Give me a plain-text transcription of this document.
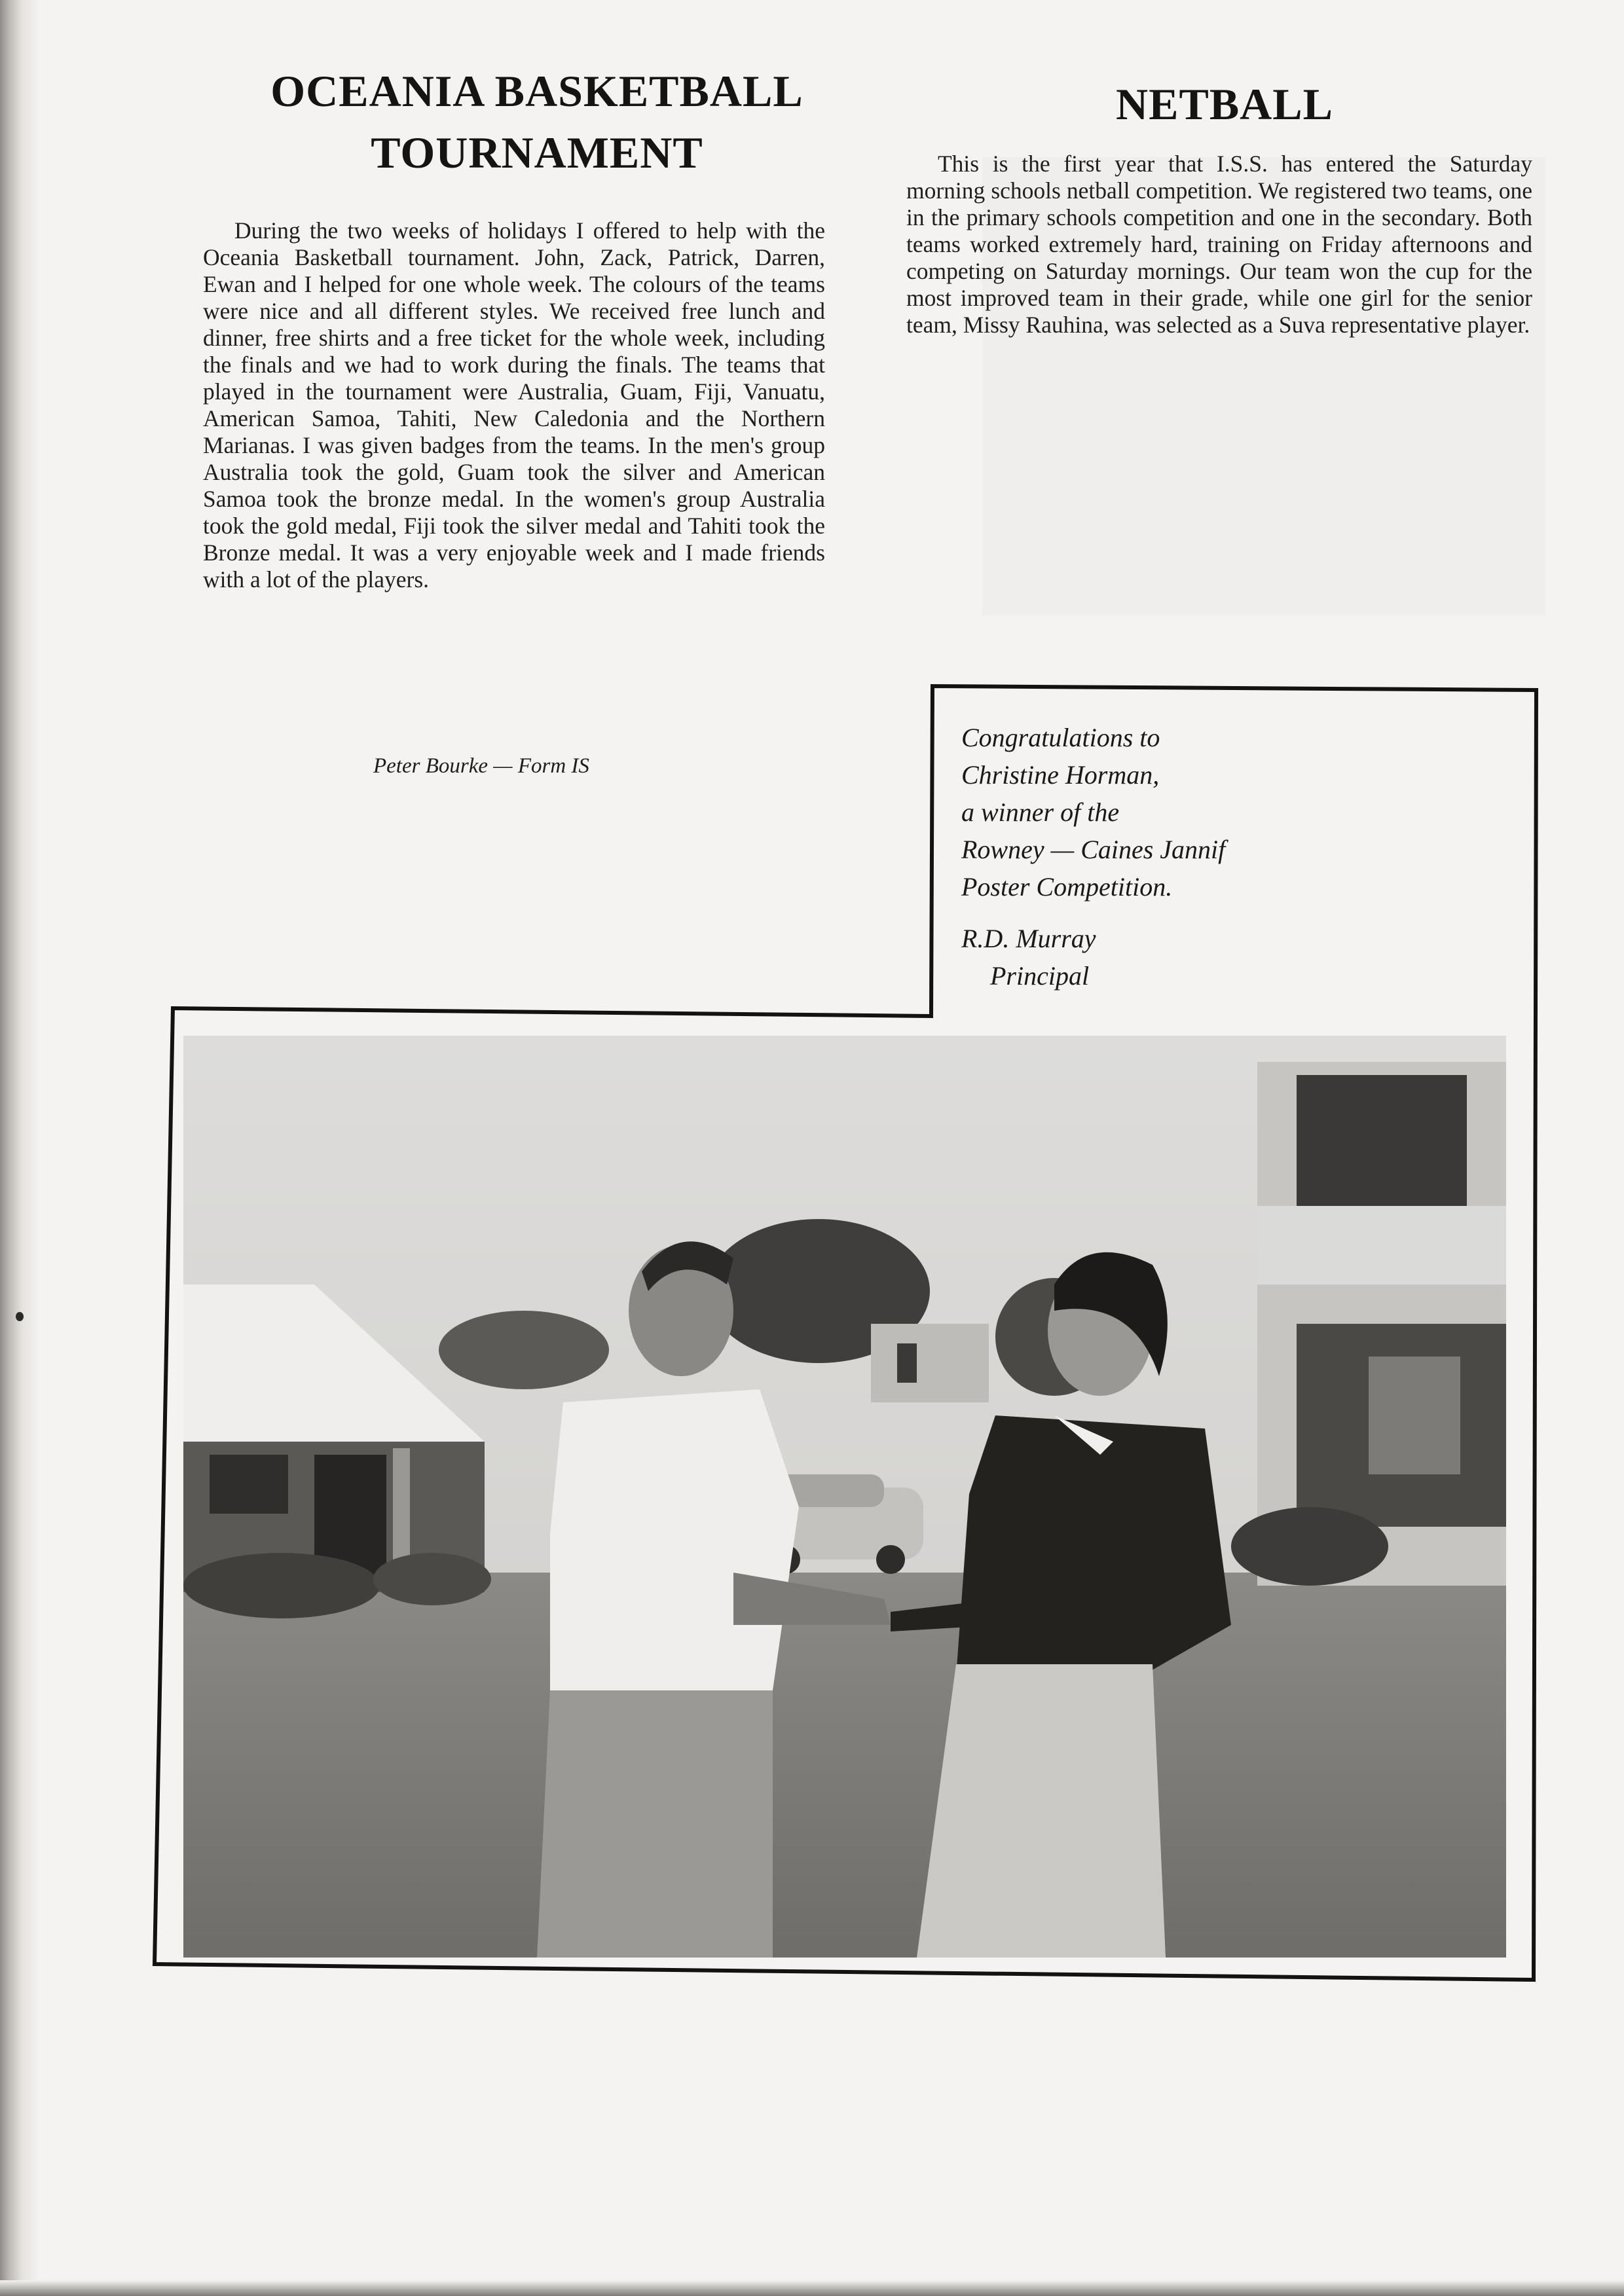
OCEANIA BASKETBALL TOURNAMENT

During the two weeks of holidays I offered to help with the Oceania Basketball tournament. John, Zack, Patrick, Darren, Ewan and I helped for one whole week. The colours of the teams were nice and all different styles. We received free lunch and dinner, free shirts and a free ticket for the whole week, including the finals and we had to work during the finals. The teams that played in the tournament were Australia, Guam, Fiji, Vanuatu, American Samoa, Tahiti, New Caledonia and the Northern Marianas. I was given badges from the teams. In the men's group Australia took the gold, Guam took the silver and American Samoa took the bronze medal. In the women's group Australia took the gold medal, Fiji took the silver medal and Tahiti took the Bronze medal. It was a very enjoyable week and I made friends with a lot of the players.

Peter Bourke — Form IS

NETBALL

This is the first year that I.S.S. has entered the Saturday morning schools netball competition. We registered two teams, one in the primary schools competition and one in the secondary. Both teams worked extremely hard, training on Friday afternoons and competing on Saturday mornings. Our team won the cup for the most improved team in their grade, while one girl for the senior team, Missy Rauhina, was selected as a Suva representative player.

Congratulations to
Christine Horman,
a winner of the
Rowney — Caines Jannif
Poster Competition.
R.D. Murray
Principal
